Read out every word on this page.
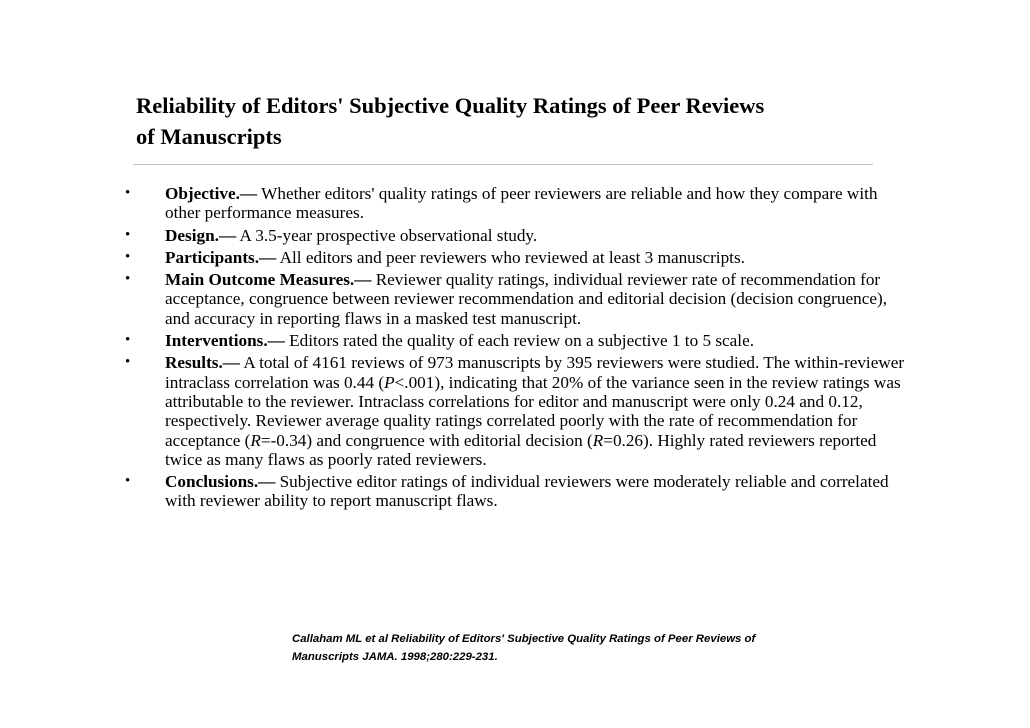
Reliability of Editors' Subjective Quality Ratings of Peer Reviews
of Manuscripts
• Objective.— Whether editors' quality ratings of peer reviewers are reliable and how they compare with other performance measures.
• Design.— A 3.5-year prospective observational study.
• Participants.— All editors and peer reviewers who reviewed at least 3 manuscripts.
• Main Outcome Measures.— Reviewer quality ratings, individual reviewer rate of recommendation for acceptance, congruence between reviewer recommendation and editorial decision (decision congruence), and accuracy in reporting flaws in a masked test manuscript.
• Interventions.— Editors rated the quality of each review on a subjective 1 to 5 scale.
• Results.— A total of 4161 reviews of 973 manuscripts by 395 reviewers were studied. The within-reviewer intraclass correlation was 0.44 (P<.001), indicating that 20% of the variance seen in the review ratings was attributable to the reviewer. Intraclass correlations for editor and manuscript were only 0.24 and 0.12, respectively. Reviewer average quality ratings correlated poorly with the rate of recommendation for acceptance (R=-0.34) and congruence with editorial decision (R=0.26). Highly rated reviewers reported twice as many flaws as poorly rated reviewers.
• Conclusions.— Subjective editor ratings of individual reviewers were moderately reliable and correlated with reviewer ability to report manuscript flaws.

Callaham ML et al Reliability of Editors' Subjective Quality Ratings of Peer Reviews of
Manuscripts JAMA. 1998;280:229-231.
